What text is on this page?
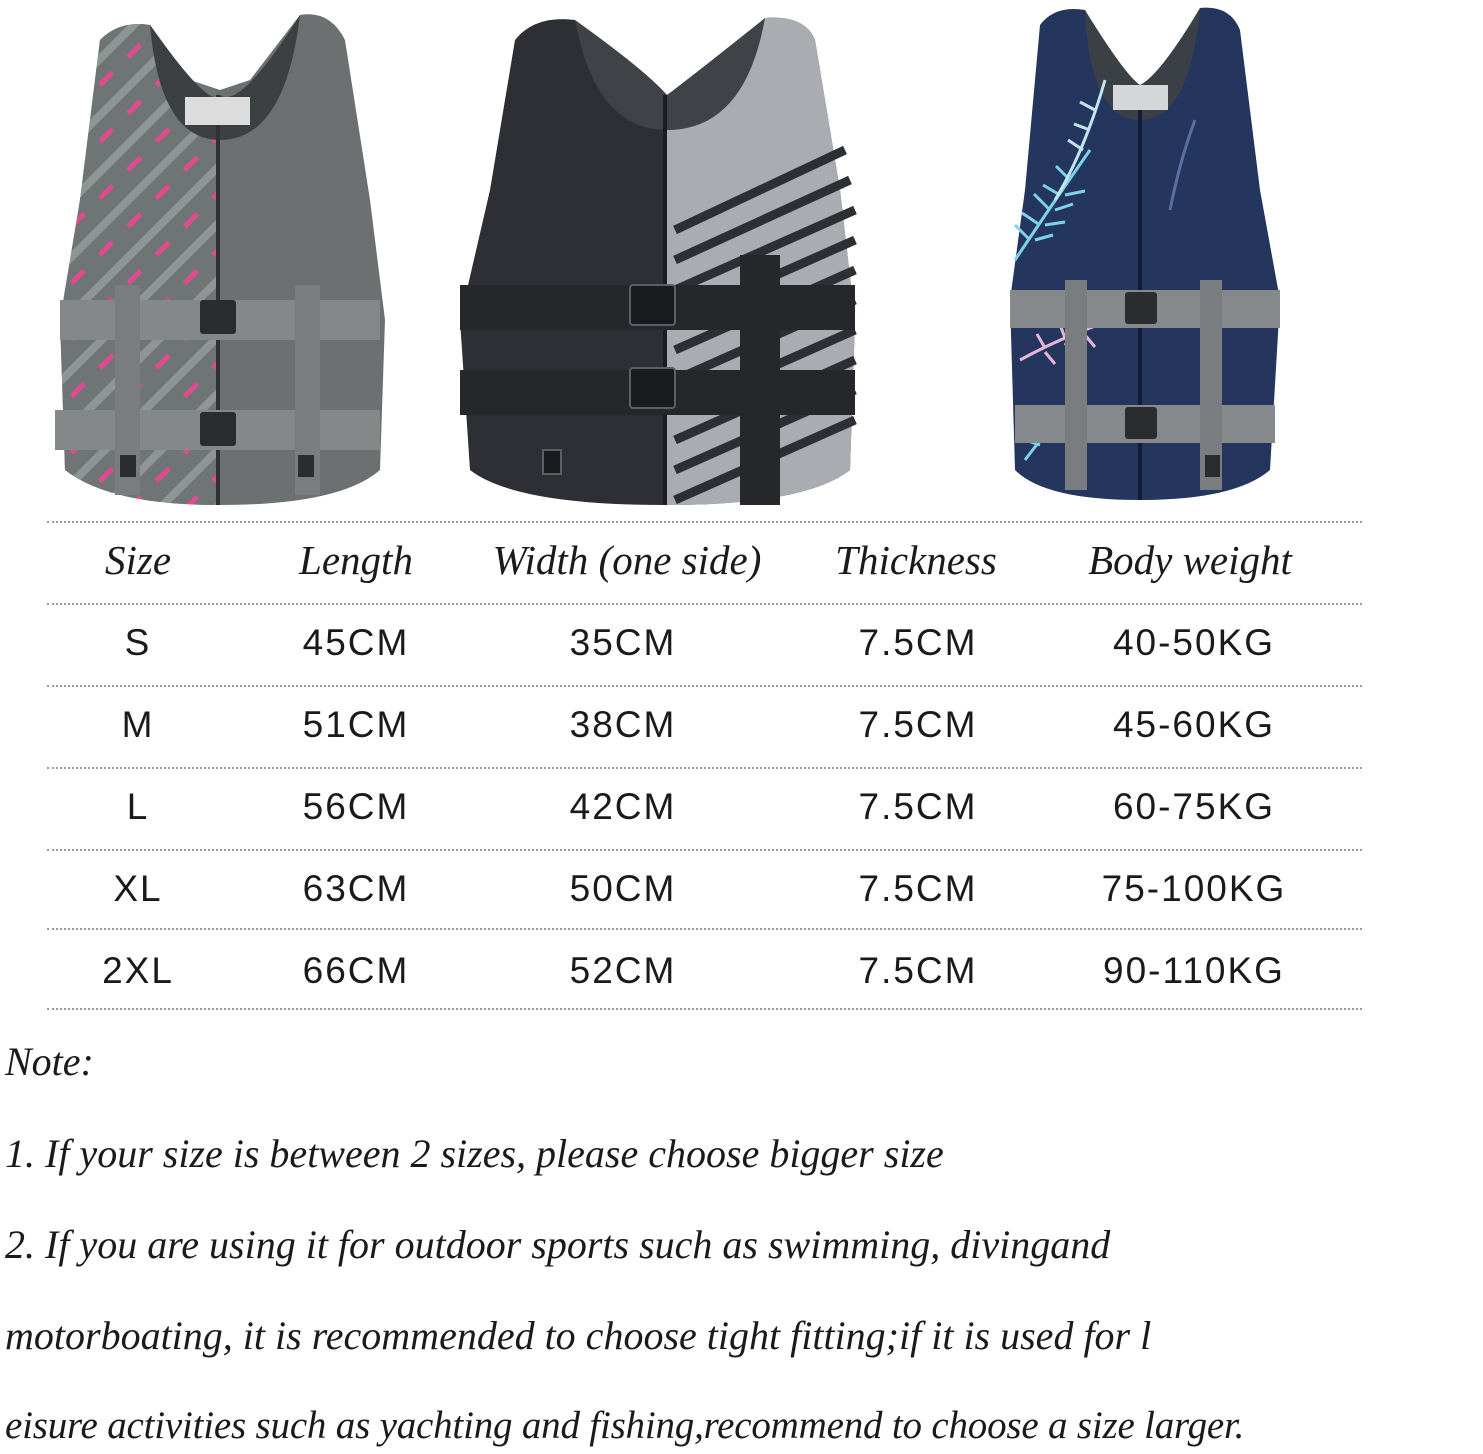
Size	Length	Width (one side)	Thickness	Body weight
S	45CM	35CM	7.5CM	40-50KG
M	51CM	38CM	7.5CM	45-60KG
L	56CM	42CM	7.5CM	60-75KG
XL	63CM	50CM	7.5CM	75-100KG
2XL	66CM	52CM	7.5CM	90-110KG
Note:
1. If your size is between 2 sizes, please choose bigger size
2. If you are using it for outdoor sports such as swimming, divingand
motorboating, it is recommended to choose tight fitting;if it is used for l
eisure activities such as yachting and fishing,recommend to choose a size larger.
